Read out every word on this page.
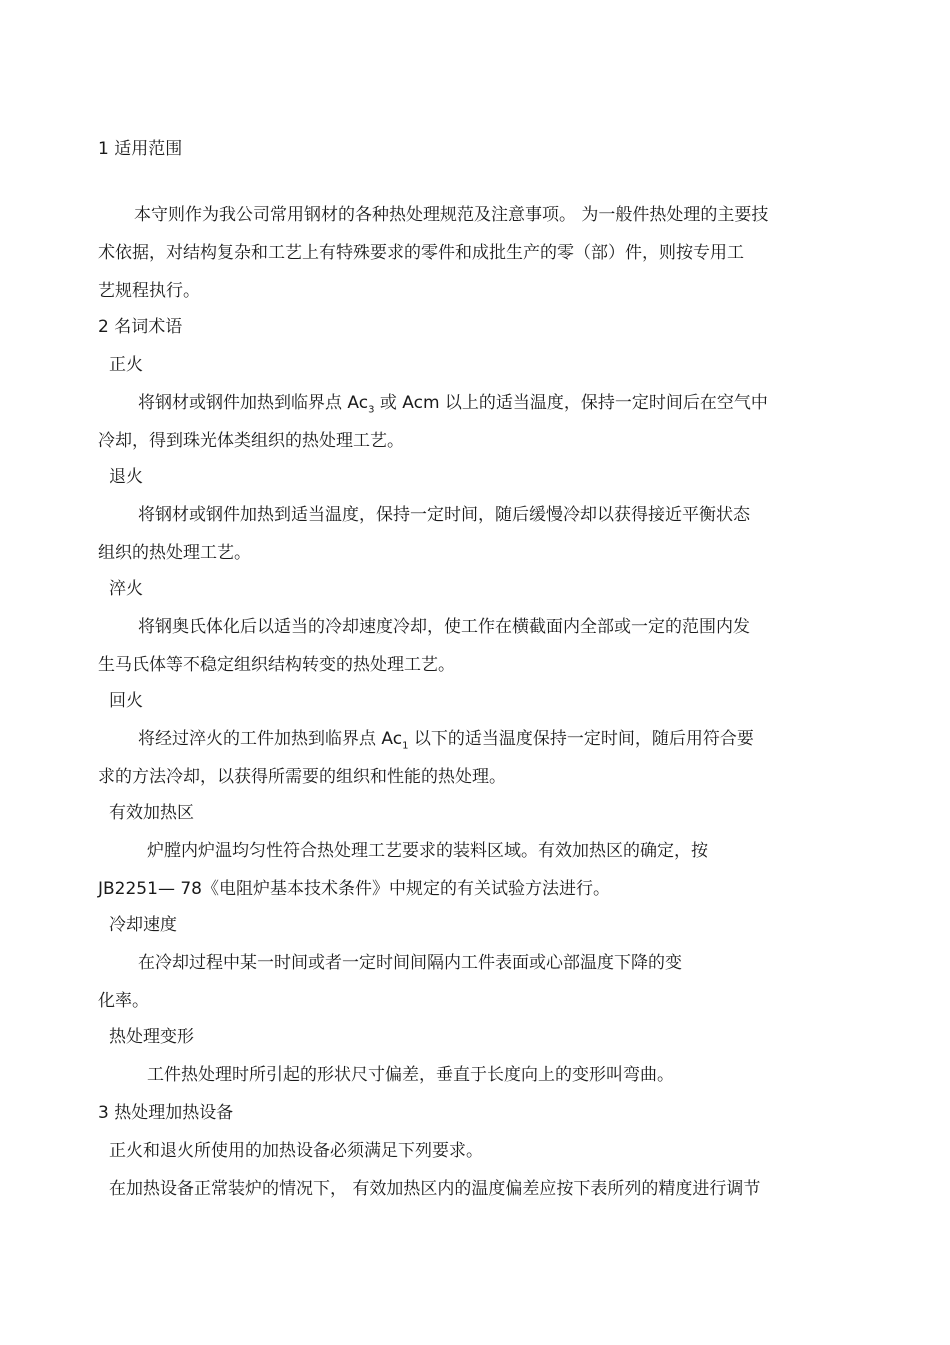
1 适用范围
本守则作为我公司常用钢材的各种热处理规范及注意事项。 为一般件热处理的主要技
术依据，对结构复杂和工艺上有特殊要求的零件和成批生产的零（部）件，则按专用工
艺规程执行。
2 名词术语
正火
将钢材或钢件加热到临界点 $Ac_3$ 或 Acm 以上的适当温度，保持一定时间后在空气中
冷却，得到珠光体类组织的热处理工艺。
退火
将钢材或钢件加热到适当温度，保持一定时间，随后缓慢冷却以获得接近平衡状态
组织的热处理工艺。
淬火
将钢奥氏体化后以适当的冷却速度冷却，使工作在横截面内全部或一定的范围内发
生马氏体等不稳定组织结构转变的热处理工艺。
回火
将经过淬火的工件加热到临界点 $Ac_1$ 以下的适当温度保持一定时间，随后用符合要
求的方法冷却，以获得所需要的组织和性能的热处理。
有效加热区
炉膛内炉温均匀性符合热处理工艺要求的装料区域。有效加热区的确定，按
JB2251— 78《电阻炉基本技术条件》中规定的有关试验方法进行。
冷却速度
在冷却过程中某一时间或者一定时间间隔内工件表面或心部温度下降的变
化率。
热处理变形
工件热处理时所引起的形状尺寸偏差，垂直于长度向上的变形叫弯曲。
3 热处理加热设备
正火和退火所使用的加热设备必须满足下列要求。
在加热设备正常装炉的情况下， 有效加热区内的温度偏差应按下表所列的精度进行调节
